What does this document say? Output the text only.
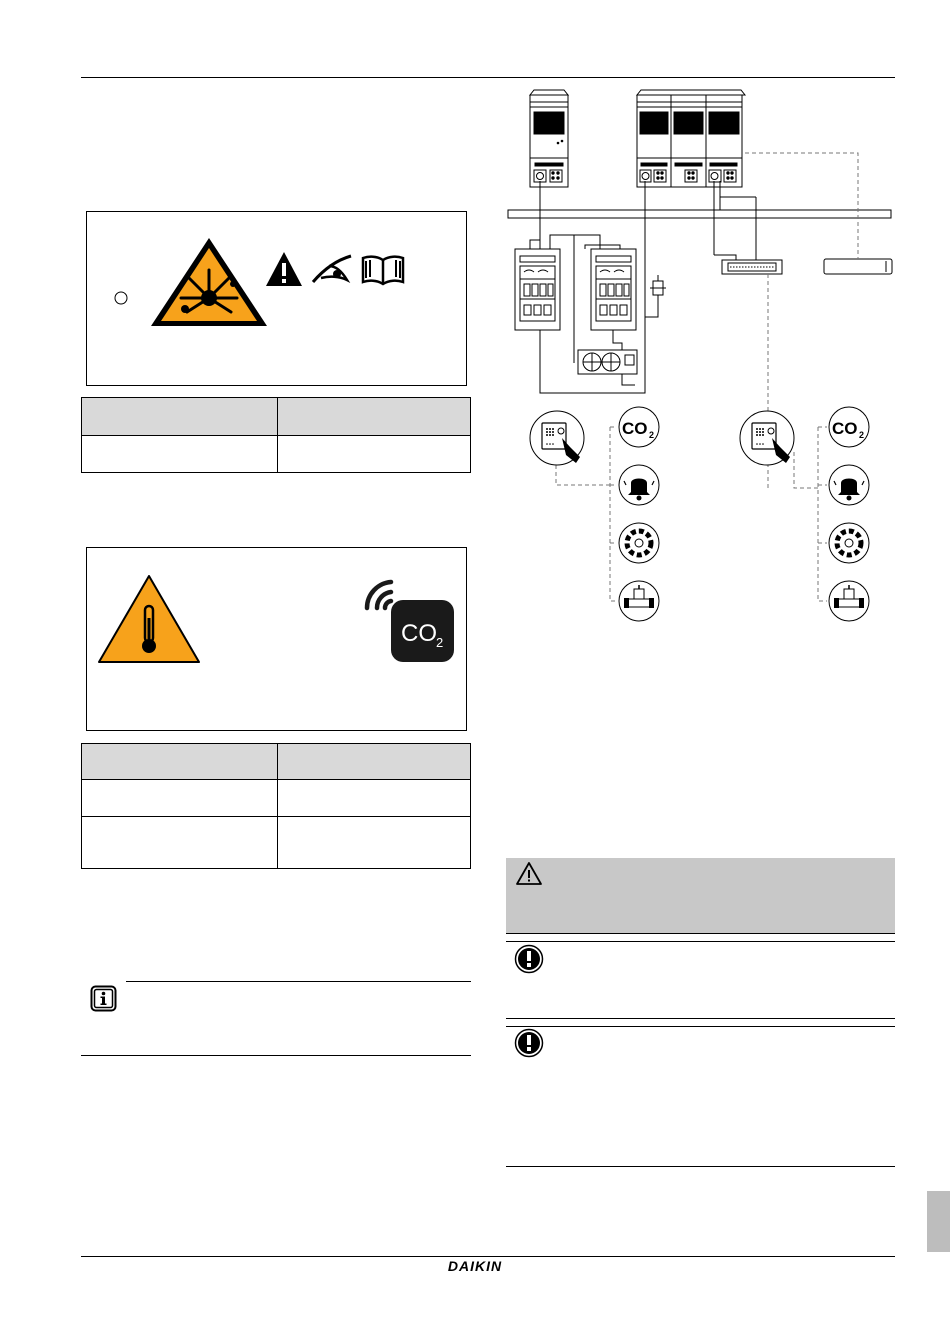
CO 2

CO 2	CO 2
DAIKIN
